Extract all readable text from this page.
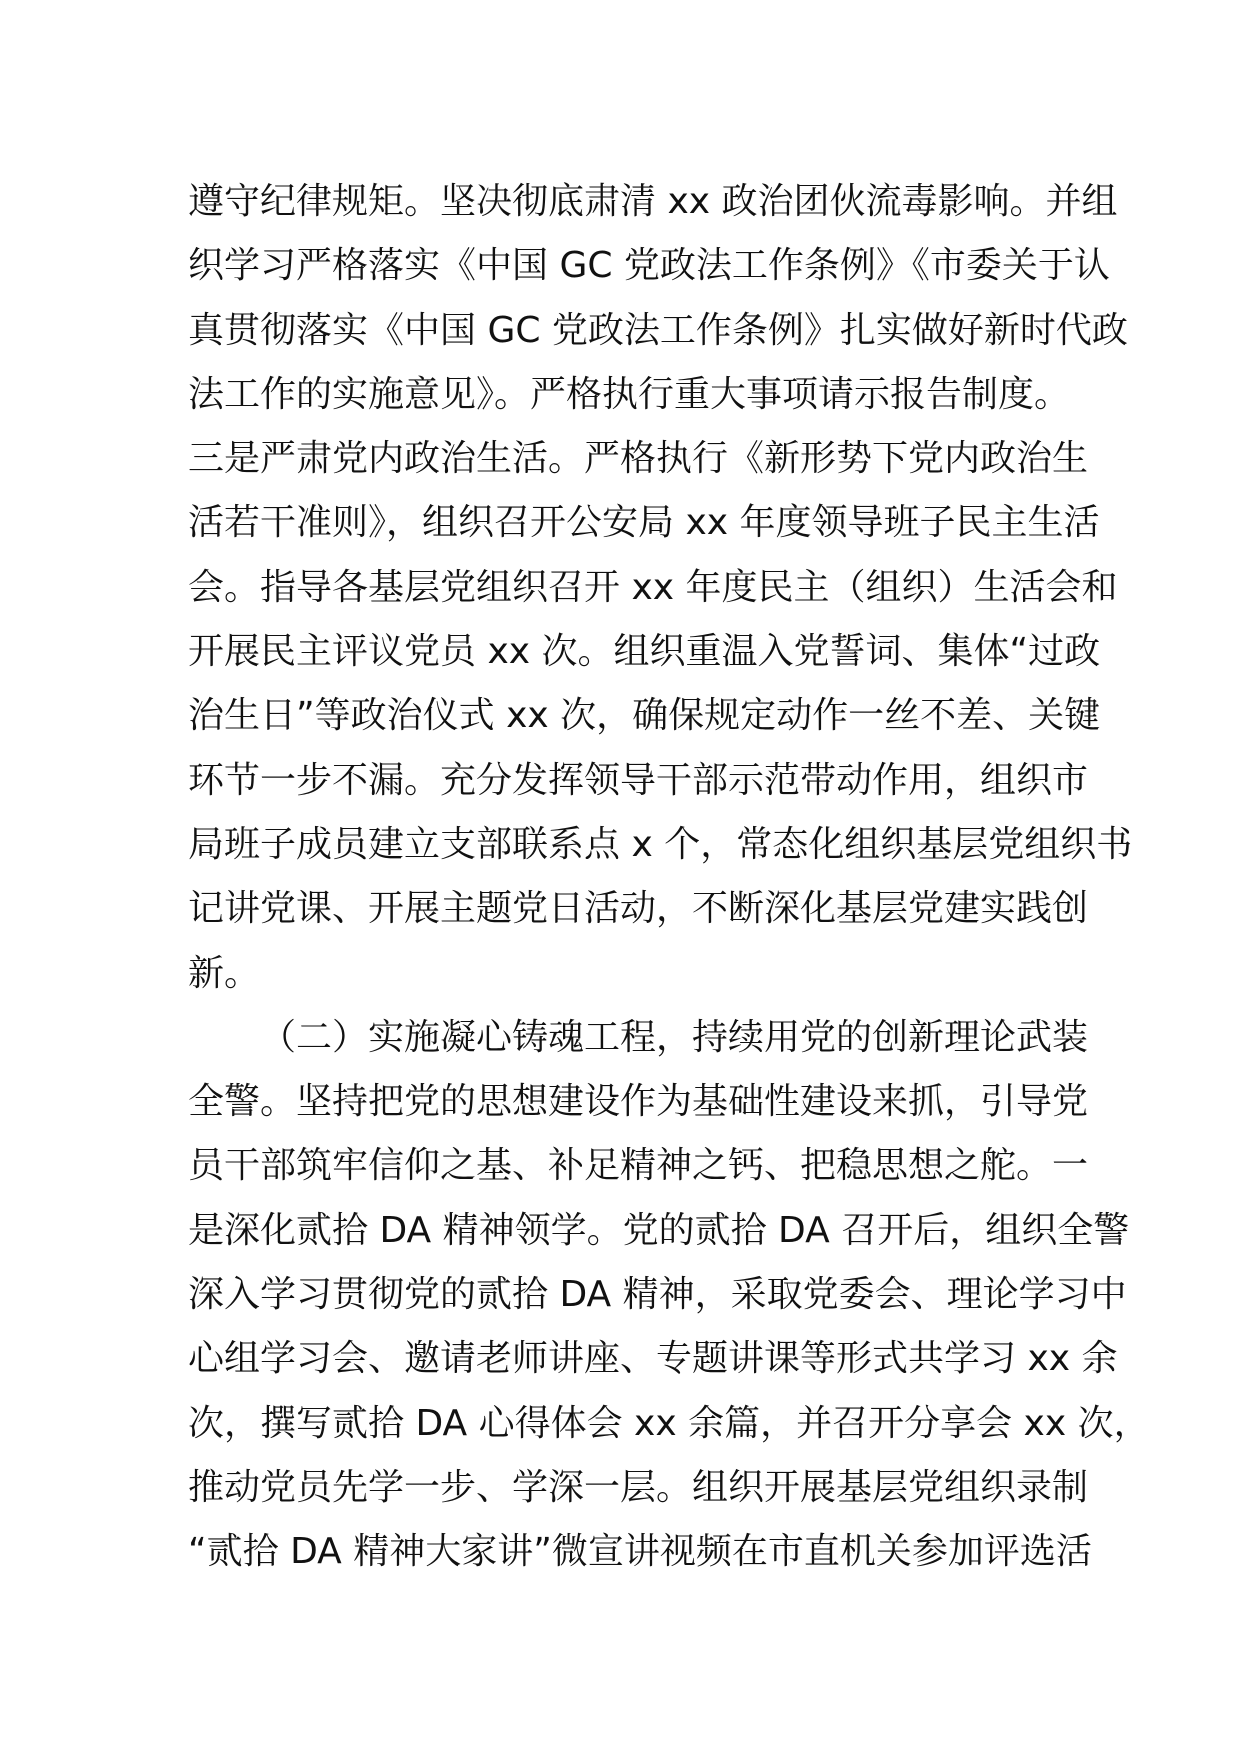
遵守纪律规矩。坚决彻底肃清 xx 政治团伙流毒影响。并组
织学习严格落实《中国 GC 党政法工作条例》《市委关于认
真贯彻落实《中国 GC 党政法工作条例》扎实做好新时代政
法工作的实施意见》。严格执行重大事项请示报告制度。
三是严肃党内政治生活。严格执行《新形势下党内政治生
活若干准则》，组织召开公安局 xx 年度领导班子民主生活
会。指导各基层党组织召开 xx 年度民主（组织）生活会和
开展民主评议党员 xx 次。组织重温入党誓词、集体“过政
治生日”等政治仪式 xx 次，确保规定动作一丝不差、关键
环节一步不漏。充分发挥领导干部示范带动作用，组织市
局班子成员建立支部联系点 x 个，常态化组织基层党组织书
记讲党课、开展主题党日活动，不断深化基层党建实践创
新。
（二）实施凝心铸魂工程，持续用党的创新理论武装
全警。坚持把党的思想建设作为基础性建设来抓，引导党
员干部筑牢信仰之基、补足精神之钙、把稳思想之舵。一
是深化贰拾 DA 精神领学。党的贰拾 DA 召开后，组织全警
深入学习贯彻党的贰拾 DA 精神，采取党委会、理论学习中
心组学习会、邀请老师讲座、专题讲课等形式共学习 xx 余
次，撰写贰拾 DA 心得体会 xx 余篇，并召开分享会 xx 次，
推动党员先学一步、学深一层。组织开展基层党组织录制
“贰拾 DA 精神大家讲”微宣讲视频在市直机关参加评选活
